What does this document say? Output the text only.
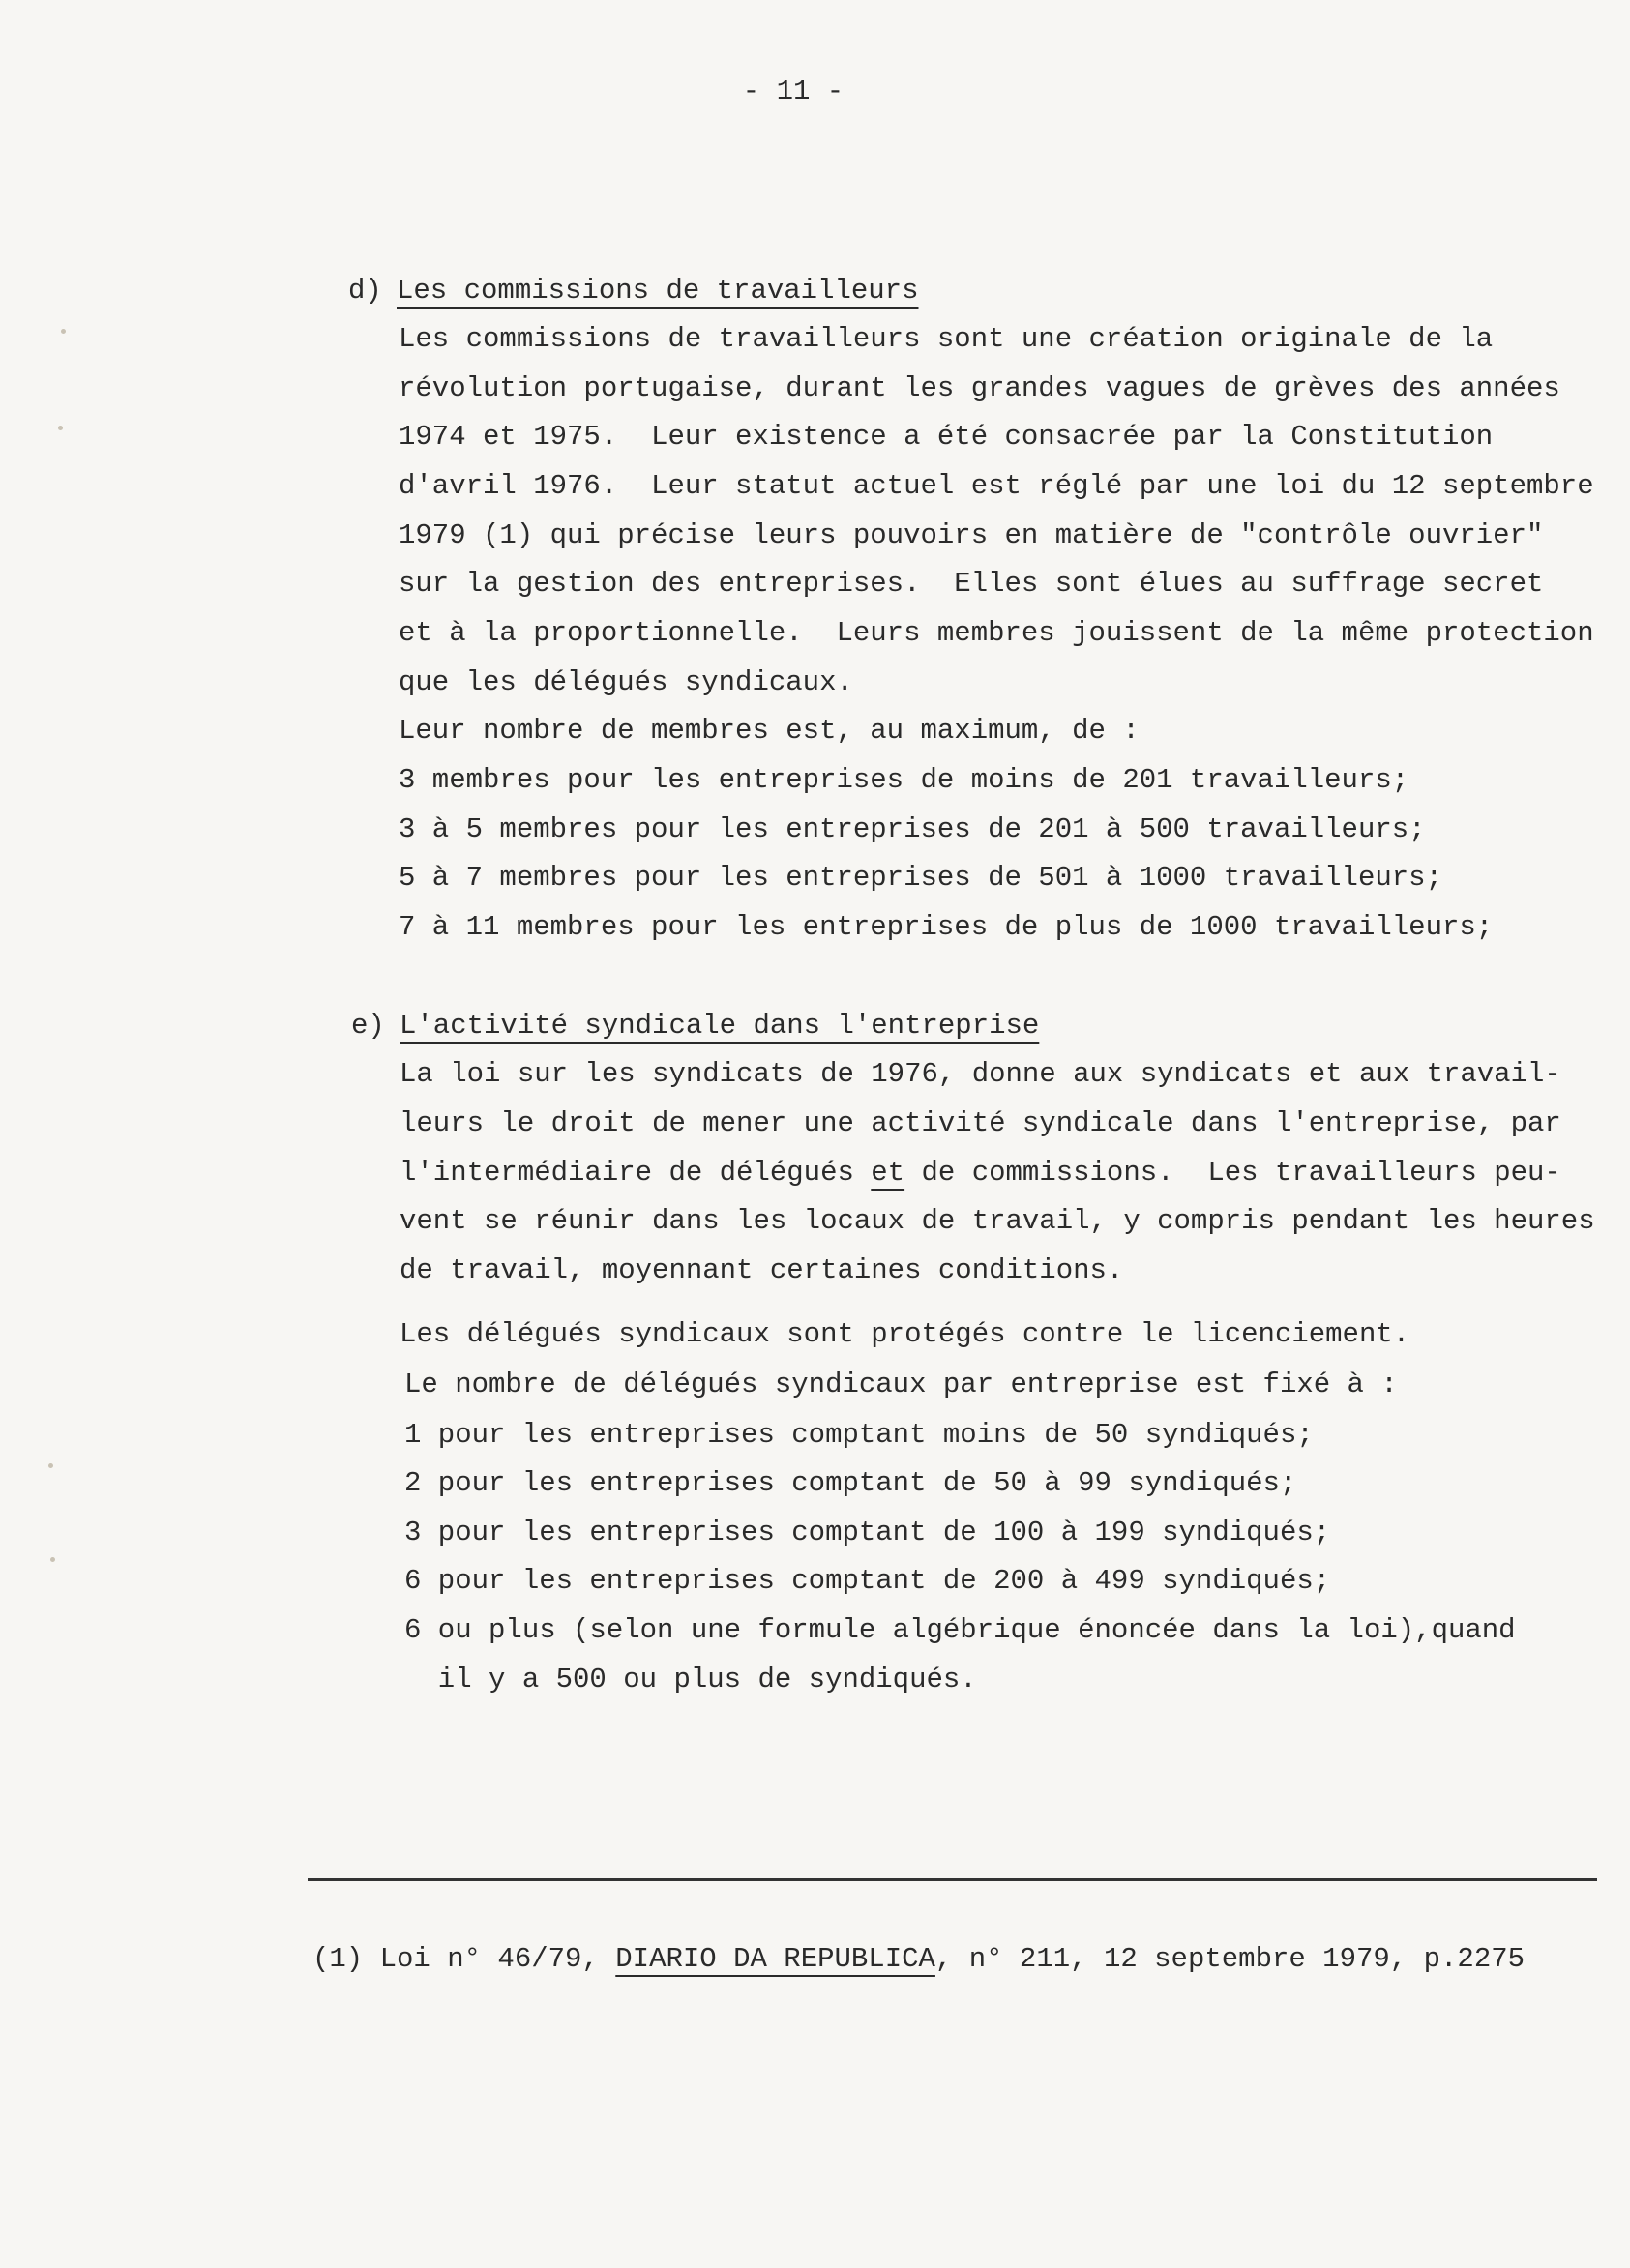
- 11 -
d) Les commissions de travailleurs
Les commissions de travailleurs sont une création originale de la
révolution portugaise, durant les grandes vagues de grèves des années
1974 et 1975.  Leur existence a été consacrée par la Constitution
d'avril 1976.  Leur statut actuel est réglé par une loi du 12 septembre
1979 (1) qui précise leurs pouvoirs en matière de "contrôle ouvrier"
sur la gestion des entreprises.  Elles sont élues au suffrage secret
et à la proportionnelle.  Leurs membres jouissent de la même protection
que les délégués syndicaux.
Leur nombre de membres est, au maximum, de :
3 membres pour les entreprises de moins de 201 travailleurs;
3 à 5 membres pour les entreprises de 201 à 500 travailleurs;
5 à 7 membres pour les entreprises de 501 à 1000 travailleurs;
7 à 11 membres pour les entreprises de plus de 1000 travailleurs;
e) L'activité syndicale dans l'entreprise
La loi sur les syndicats de 1976, donne aux syndicats et aux travail-
leurs le droit de mener une activité syndicale dans l'entreprise, par
l'intermédiaire de délégués et de commissions.  Les travailleurs peu-
vent se réunir dans les locaux de travail, y compris pendant les heures
de travail, moyennant certaines conditions.
Les délégués syndicaux sont protégés contre le licenciement.
Le nombre de délégués syndicaux par entreprise est fixé à :
1 pour les entreprises comptant moins de 50 syndiqués;
2 pour les entreprises comptant de 50 à 99 syndiqués;
3 pour les entreprises comptant de 100 à 199 syndiqués;
6 pour les entreprises comptant de 200 à 499 syndiqués;
6 ou plus (selon une formule algébrique énoncée dans la loi),quand
il y a 500 ou plus de syndiqués.
(1) Loi n° 46/79, DIARIO DA REPUBLICA, n° 211, 12 septembre 1979, p.2275
